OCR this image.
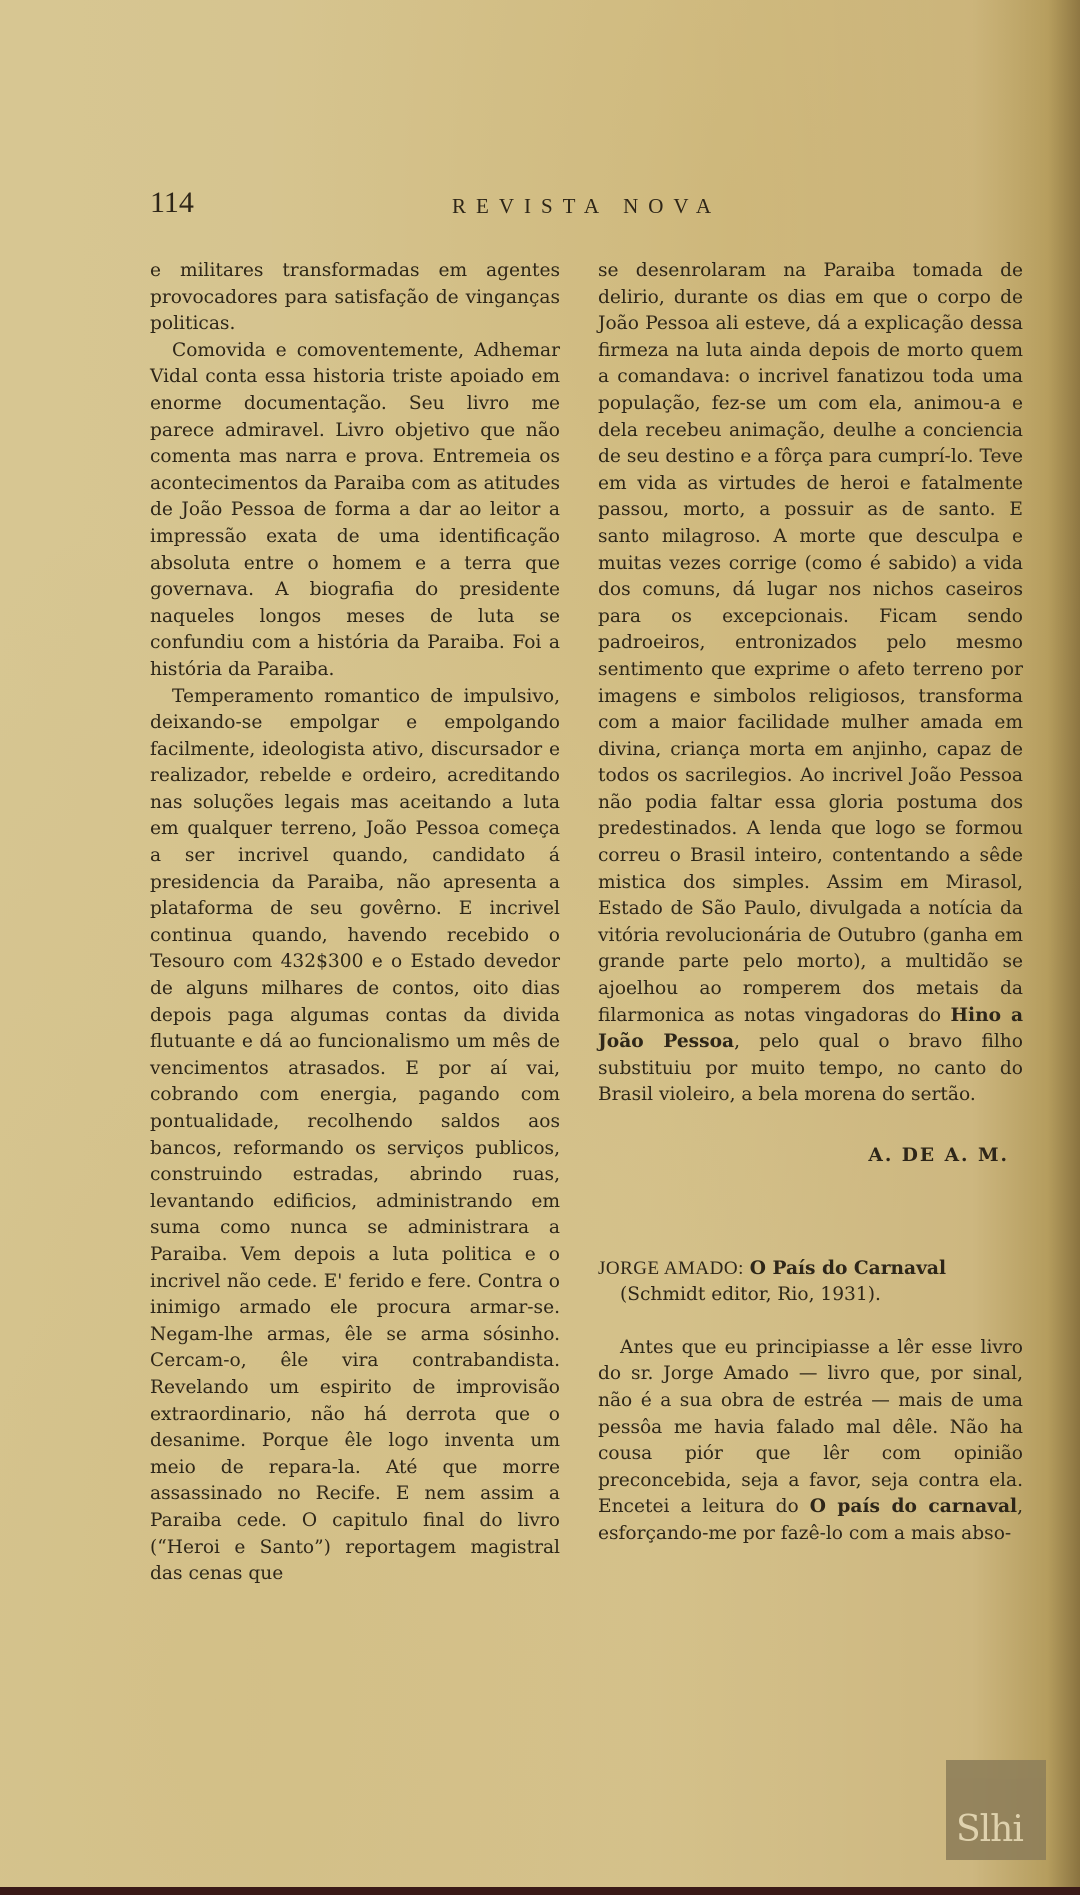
114	REVISTA NOVA

e militares transformadas em agentes provocadores para satisfação de vinganças politicas.

Comovida e comoventemente, Adhemar Vidal conta essa historia triste apoiado em enorme documentação. Seu livro me parece admiravel. Livro objetivo que não comenta mas narra e prova. Entremeia os acontecimentos da Paraiba com as atitudes de João Pessoa de forma a dar ao leitor a impressão exata de uma identificação absoluta entre o homem e a terra que governava. A biografia do presidente naqueles longos meses de luta se confundiu com a história da Paraiba. Foi a história da Paraiba.

Temperamento romantico de impulsivo, deixando-se empolgar e empolgando facilmente, ideologista ativo, discursador e realizador, rebelde e ordeiro, acreditando nas soluções legais mas aceitando a luta em qualquer terreno, João Pessoa começa a ser incrivel quando, candidato á presidencia da Paraiba, não apresenta a plataforma de seu govêrno. E incrivel continua quando, havendo recebido o Tesouro com 432$300 e o Estado devedor de alguns milhares de contos, oito dias depois paga algumas contas da divida flutuante e dá ao funcionalismo um mês de vencimentos atrasados. E por aí vai, cobrando com energia, pagando com pontualidade, recolhendo saldos aos bancos, reformando os serviços publicos, construindo estradas, abrindo ruas, levantando edificios, administrando em suma como nunca se administrara a Paraiba. Vem depois a luta politica e o incrivel não cede. E' ferido e fere. Contra o inimigo armado ele procura armar-se. Negam-lhe armas, êle se arma sósinho. Cercam-o, êle vira contrabandista. Revelando um espirito de improvisão extraordinario, não há derrota que o desanime. Porque êle logo inventa um meio de repara-la. Até que morre assassinado no Recife. E nem assim a Paraiba cede. O capitulo final do livro (“Heroi e Santo”) reportagem magistral das cenas que

se desenrolaram na Paraiba tomada de delirio, durante os dias em que o corpo de João Pessoa ali esteve, dá a explicação dessa firmeza na luta ainda depois de morto quem a comandava: o incrivel fanatizou toda uma população, fez-se um com ela, animou-a e dela recebeu animação, deulhe a conciencia de seu destino e a fôrça para cumprí-lo. Teve em vida as virtudes de heroi e fatalmente passou, morto, a possuir as de santo. E santo milagroso. A morte que desculpa e muitas vezes corrige (como é sabido) a vida dos comuns, dá lugar nos nichos caseiros para os excepcionais. Ficam sendo padroeiros, entronizados pelo mesmo sentimento que exprime o afeto terreno por imagens e simbolos religiosos, transforma com a maior facilidade mulher amada em divina, criança morta em anjinho, capaz de todos os sacrilegios. Ao incrivel João Pessoa não podia faltar essa gloria postuma dos predestinados. A lenda que logo se formou correu o Brasil inteiro, contentando a sêde mistica dos simples. Assim em Mirasol, Estado de São Paulo, divulgada a notícia da vitória revolucionária de Outubro (ganha em grande parte pelo morto), a multidão se ajoelhou ao romperem dos metais da filarmonica as notas vingadoras do Hino a João Pessoa, pelo qual o bravo filho substituiu por muito tempo, no canto do Brasil violeiro, a bela morena do sertão.

A. DE A. M.

JORGE AMADO: O País do Carnaval

(Schmidt editor, Rio, 1931).

Antes que eu principiasse a lêr esse livro do sr. Jorge Amado — livro que, por sinal, não é a sua obra de estréa — mais de uma pessôa me havia falado mal dêle. Não ha cousa piór que lêr com opinião preconcebida, seja a favor, seja contra ela. Encetei a leitura do O país do carnaval, esforçando-me por fazê-lo com a mais abso-

Slhi
